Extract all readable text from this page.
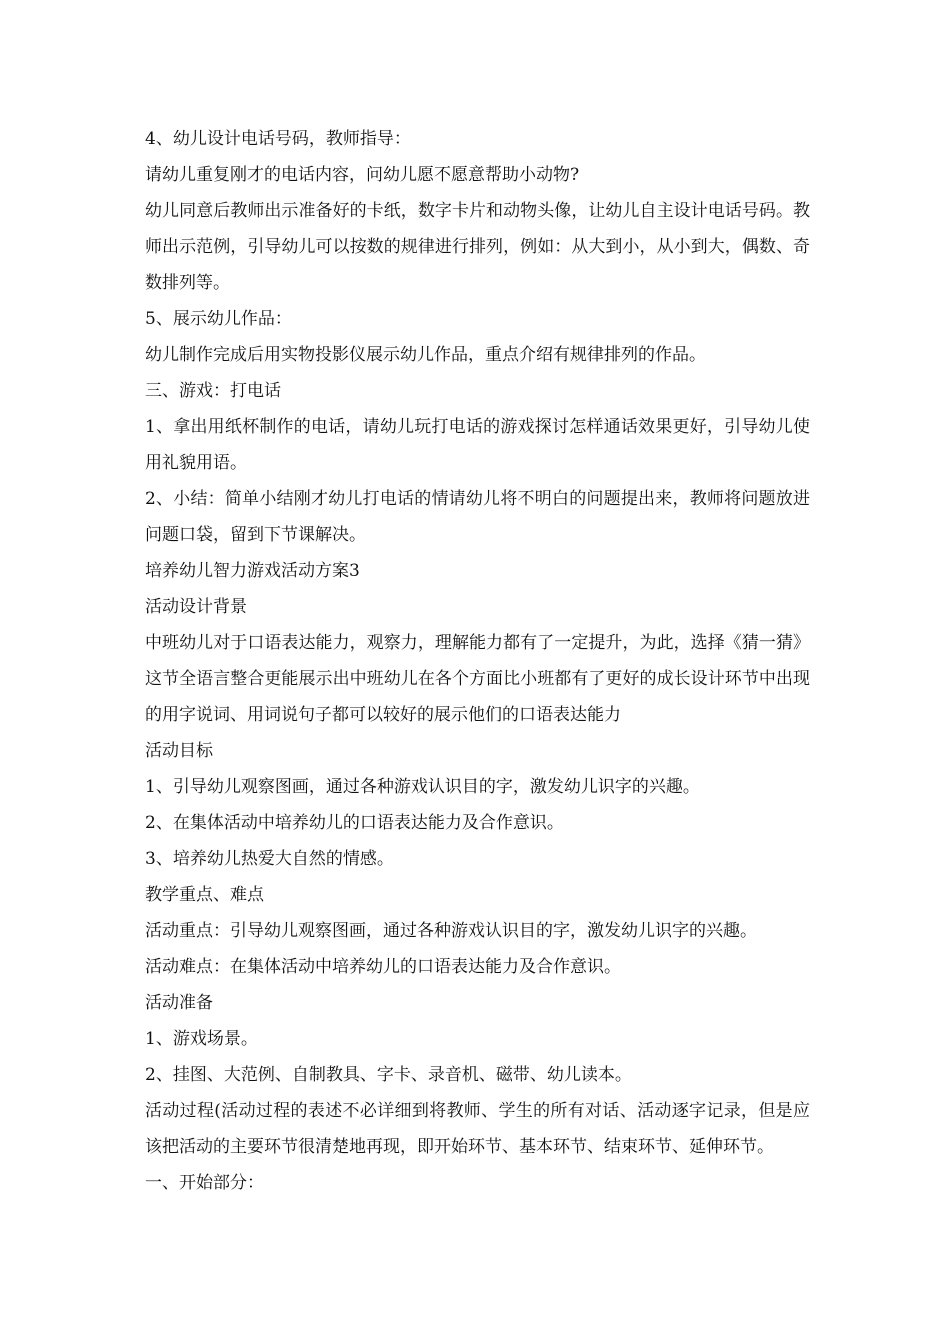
4、幼儿设计电话号码，教师指导：

请幼儿重复刚才的电话内容，问幼儿愿不愿意帮助小动物?

幼儿同意后教师出示准备好的卡纸，数字卡片和动物头像，让幼儿自主设计电话号码。教师出示范例，引导幼儿可以按数的规律进行排列，例如：从大到小，从小到大，偶数、奇数排列等。

5、展示幼儿作品：

幼儿制作完成后用实物投影仪展示幼儿作品，重点介绍有规律排列的作品。

三、游戏：打电话

1、拿出用纸杯制作的电话，请幼儿玩打电话的游戏探讨怎样通话效果更好，引导幼儿使用礼貌用语。

2、小结：简单小结刚才幼儿打电话的情请幼儿将不明白的问题提出来，教师将问题放进问题口袋，留到下节课解决。

培养幼儿智力游戏活动方案3

活动设计背景

中班幼儿对于口语表达能力，观察力，理解能力都有了一定提升，为此，选择《猜一猜》这节全语言整合更能展示出中班幼儿在各个方面比小班都有了更好的成长设计环节中出现的用字说词、用词说句子都可以较好的展示他们的口语表达能力

活动目标

1、引导幼儿观察图画，通过各种游戏认识目的字，激发幼儿识字的兴趣。

2、在集体活动中培养幼儿的口语表达能力及合作意识。

3、培养幼儿热爱大自然的情感。

教学重点、难点

活动重点：引导幼儿观察图画，通过各种游戏认识目的字，激发幼儿识字的兴趣。

活动难点：在集体活动中培养幼儿的口语表达能力及合作意识。

活动准备

1、游戏场景。

2、挂图、大范例、自制教具、字卡、录音机、磁带、幼儿读本。

活动过程(活动过程的表述不必详细到将教师、学生的所有对话、活动逐字记录，但是应该把活动的主要环节很清楚地再现，即开始环节、基本环节、结束环节、延伸环节。

一、开始部分：
